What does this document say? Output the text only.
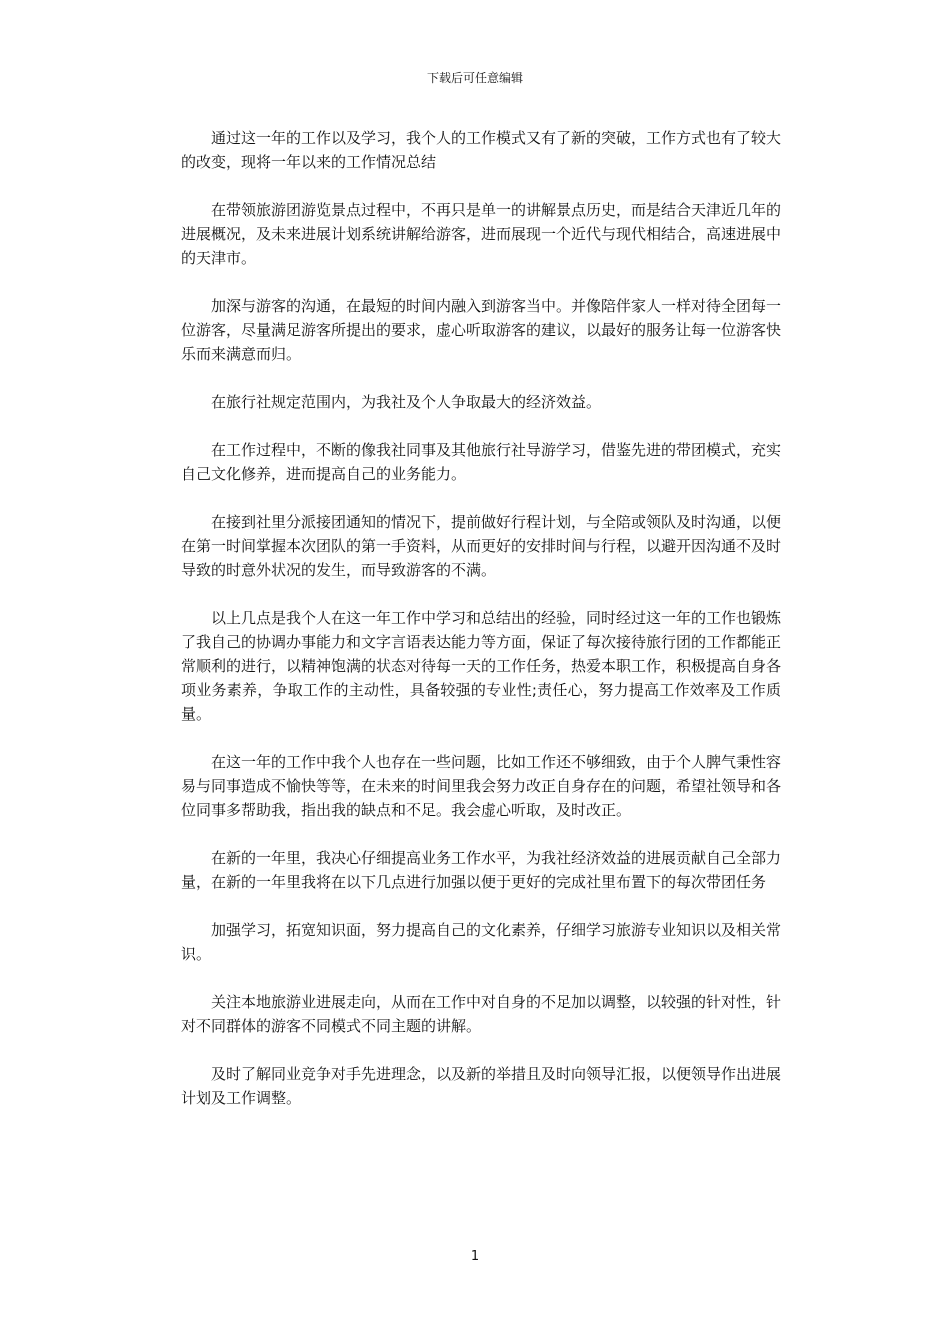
下载后可任意编辑

通过这一年的工作以及学习，我个人的工作模式又有了新的突破，工作方式也有了较大的改变，现将一年以来的工作情况总结

在带领旅游团游览景点过程中，不再只是单一的讲解景点历史，而是结合天津近几年的进展概况，及未来进展计划系统讲解给游客，进而展现一个近代与现代相结合，高速进展中的天津市。

加深与游客的沟通，在最短的时间内融入到游客当中。并像陪伴家人一样对待全团每一位游客，尽量满足游客所提出的要求，虚心听取游客的建议，以最好的服务让每一位游客快乐而来满意而归。

在旅行社规定范围内，为我社及个人争取最大的经济效益。

在工作过程中，不断的像我社同事及其他旅行社导游学习，借鉴先进的带团模式，充实自己文化修养，进而提高自己的业务能力。

在接到社里分派接团通知的情况下，提前做好行程计划，与全陪或领队及时沟通，以便在第一时间掌握本次团队的第一手资料，从而更好的安排时间与行程，以避开因沟通不及时导致的时意外状况的发生，而导致游客的不满。

以上几点是我个人在这一年工作中学习和总结出的经验，同时经过这一年的工作也锻炼了我自己的协调办事能力和文字言语表达能力等方面，保证了每次接待旅行团的工作都能正常顺利的进行，以精神饱满的状态对待每一天的工作任务，热爱本职工作，积极提高自身各项业务素养，争取工作的主动性，具备较强的专业性;责任心，努力提高工作效率及工作质量。

在这一年的工作中我个人也存在一些问题，比如工作还不够细致，由于个人脾气秉性容易与同事造成不愉快等等，在未来的时间里我会努力改正自身存在的问题，希望社领导和各位同事多帮助我，指出我的缺点和不足。我会虚心听取，及时改正。

在新的一年里，我决心仔细提高业务工作水平，为我社经济效益的进展贡献自己全部力量，在新的一年里我将在以下几点进行加强以便于更好的完成社里布置下的每次带团任务

加强学习，拓宽知识面，努力提高自己的文化素养，仔细学习旅游专业知识以及相关常识。

关注本地旅游业进展走向，从而在工作中对自身的不足加以调整，以较强的针对性，针对不同群体的游客不同模式不同主题的讲解。

及时了解同业竞争对手先进理念，以及新的举措且及时向领导汇报，以便领导作出进展计划及工作调整。

1
